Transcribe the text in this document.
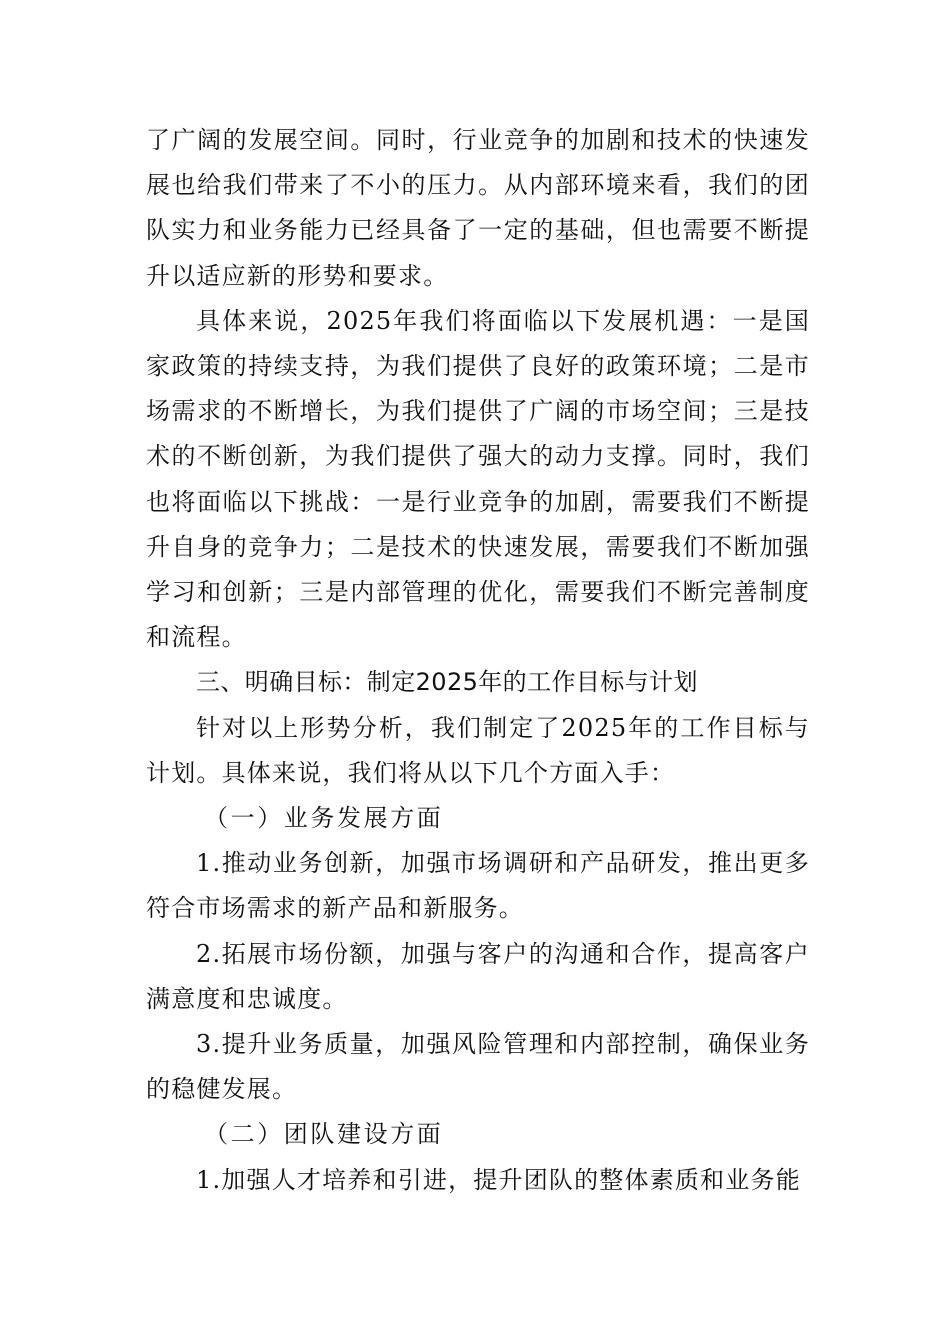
了广阔的发展空间。同时，行业竞争的加剧和技术的快速发展也给我们带来了不小的压力。从内部环境来看，我们的团队实力和业务能力已经具备了一定的基础，但也需要不断提升以适应新的形势和要求。

具体来说，2025年我们将面临以下发展机遇：一是国家政策的持续支持，为我们提供了良好的政策环境；二是市场需求的不断增长，为我们提供了广阔的市场空间；三是技术的不断创新，为我们提供了强大的动力支撑。同时，我们也将面临以下挑战：一是行业竞争的加剧，需要我们不断提升自身的竞争力；二是技术的快速发展，需要我们不断加强学习和创新；三是内部管理的优化，需要我们不断完善制度和流程。

三、明确目标：制定2025年的工作目标与计划

针对以上形势分析，我们制定了2025年的工作目标与计划。具体来说，我们将从以下几个方面入手：

（一）业务发展方面

1.推动业务创新，加强市场调研和产品研发，推出更多符合市场需求的新产品和新服务。

2.拓展市场份额，加强与客户的沟通和合作，提高客户满意度和忠诚度。

3.提升业务质量，加强风险管理和内部控制，确保业务的稳健发展。

（二）团队建设方面

1.加强人才培养和引进，提升团队的整体素质和业务能
